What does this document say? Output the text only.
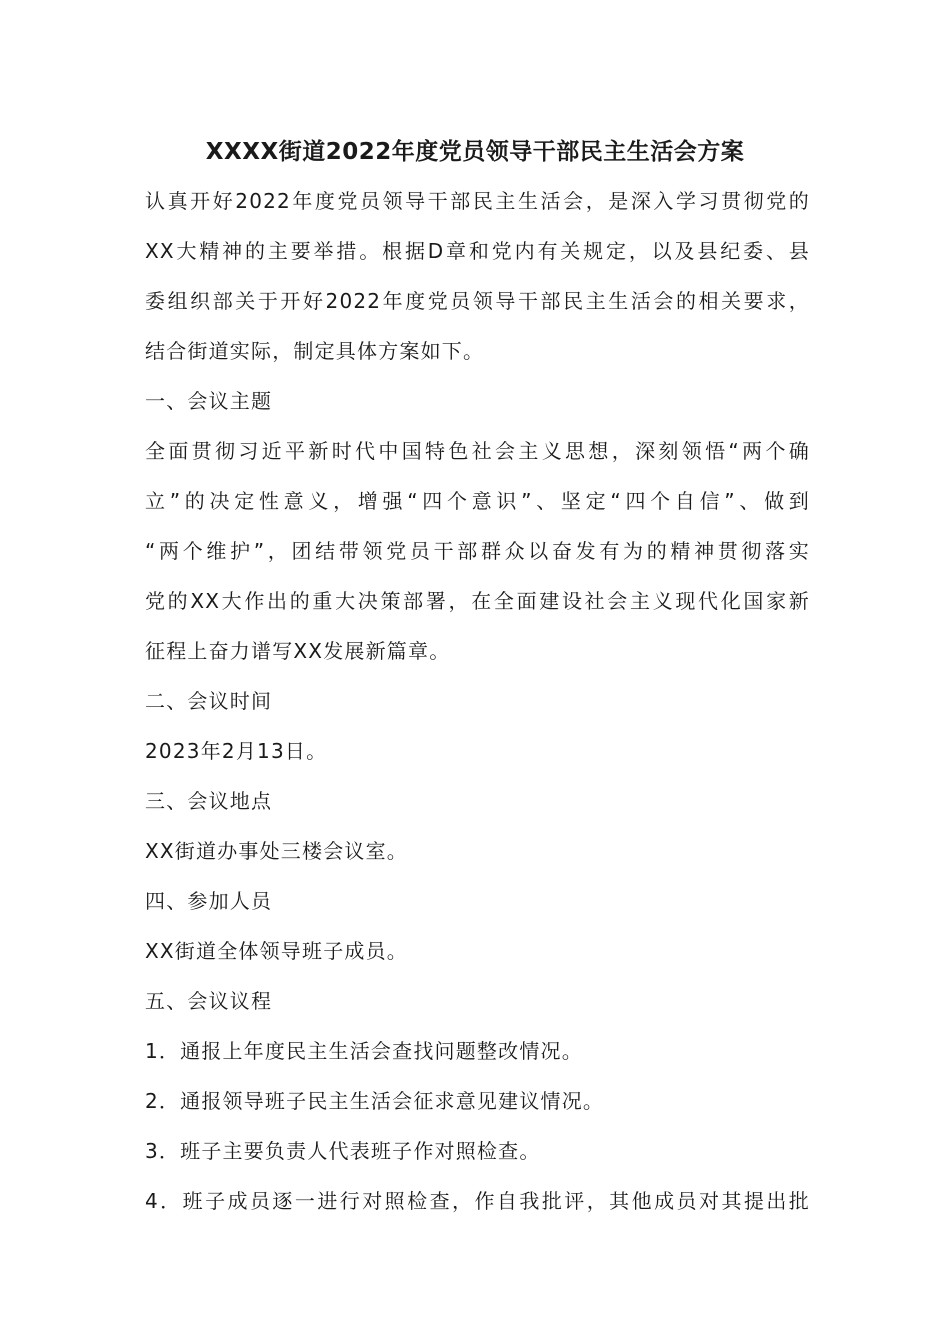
XXXX街道2022年度党员领导干部民主生活会方案
认真开好2022年度党员领导干部民主生活会，是深入学习贯彻党的
XX大精神的主要举措。根据D章和党内有关规定，以及县纪委、县
委组织部关于开好2022年度党员领导干部民主生活会的相关要求，
结合街道实际，制定具体方案如下。
一、会议主题
全面贯彻习近平新时代中国特色社会主义思想，深刻领悟“两个确
立”的决定性意义，增强“四个意识”、坚定“四个自信”、做到
“两个维护”，团结带领党员干部群众以奋发有为的精神贯彻落实
党的XX大作出的重大决策部署，在全面建设社会主义现代化国家新
征程上奋力谱写XX发展新篇章。
二、会议时间
2023年2月13日。
三、会议地点
XX街道办事处三楼会议室。
四、参加人员
XX街道全体领导班子成员。
五、会议议程
1．通报上年度民主生活会查找问题整改情况。
2．通报领导班子民主生活会征求意见建议情况。
3．班子主要负责人代表班子作对照检查。
4．班子成员逐一进行对照检查，作自我批评，其他成员对其提出批
